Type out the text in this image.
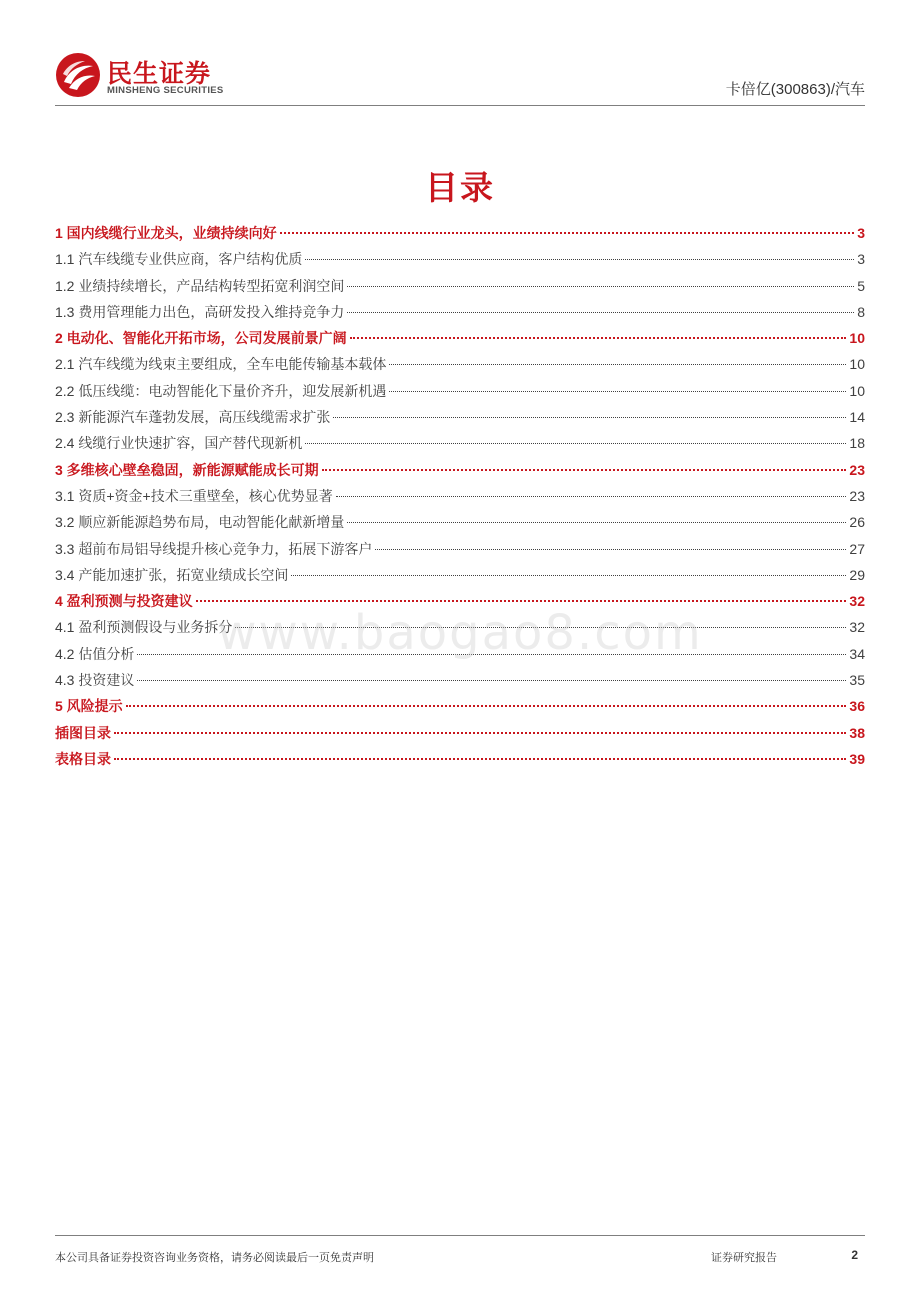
民生证券
MINSHENG SECURITIES	卡倍亿(300863)/汽车
目录
1 国内线缆行业龙头，业绩持续向好	3
1.1 汽车线缆专业供应商，客户结构优质	3
1.2 业绩持续增长，产品结构转型拓宽利润空间	5
1.3 费用管理能力出色，高研发投入维持竞争力	8
2 电动化、智能化开拓市场，公司发展前景广阔	10
2.1 汽车线缆为线束主要组成，全车电能传输基本载体	10
2.2 低压线缆：电动智能化下量价齐升，迎发展新机遇	10
2.3 新能源汽车蓬勃发展，高压线缆需求扩张	14
2.4 线缆行业快速扩容，国产替代现新机	18
3 多维核心壁垒稳固，新能源赋能成长可期	23
3.1 资质+资金+技术三重壁垒，核心优势显著	23
3.2 顺应新能源趋势布局，电动智能化献新增量	26
3.3 超前布局铝导线提升核心竞争力，拓展下游客户	27
3.4 产能加速扩张，拓宽业绩成长空间	29
4 盈利预测与投资建议	32
4.1 盈利预测假设与业务拆分	32
4.2 估值分析	34
4.3 投资建议	35
5 风险提示	36
插图目录	38
表格目录	39
www.baogao8.com
本公司具备证券投资咨询业务资格，请务必阅读最后一页免责声明	证券研究报告	2
